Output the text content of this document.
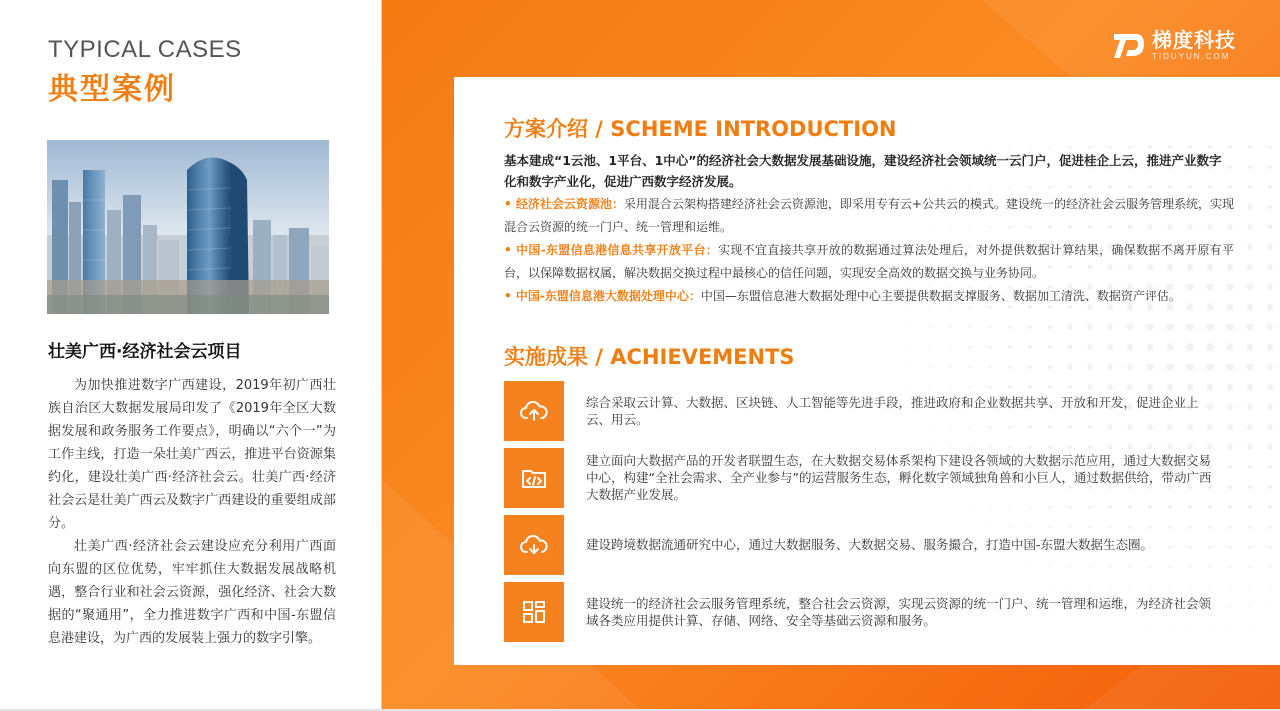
TYPICAL CASES
典型案例
壮美广西·经济社会云项目

为加快推进数字广西建设，2019年初广西壮族自治区大数据发展局印发了《2019年全区大数据发展和政务服务工作要点》，明确以“六个一”为工作主线，打造一朵壮美广西云，推进平台资源集约化，建设壮美广西·经济社会云。壮美广西·经济社会云是壮美广西云及数字广西建设的重要组成部分。

壮美广西·经济社会云建设应充分利用广西面向东盟的区位优势，牢牢抓住大数据发展战略机遇，整合行业和社会云资源，强化经济、社会大数据的“聚通用”，全力推进数字广西和中国-东盟信息港建设，为广西的发展装上强力的数字引擎。

梯度科技
TIDUYUN.COM
方案介绍 / SCHEME INTRODUCTION
基本建成“1云池、1平台、1中心”的经济社会大数据发展基础设施，建设经济社会领域统一云门户，促进桂企上云，推进产业数字化和数字产业化，促进广西数字经济发展。
• 经济社会云资源池：采用混合云架构搭建经济社会云资源池，即采用专有云+公共云的模式。建设统一的经济社会云服务管理系统，实现混合云资源的统一门户、统一管理和运维。
• 中国-东盟信息港信息共享开放平台：实现不宜直接共享开放的数据通过算法处理后，对外提供数据计算结果，确保数据不离开原有平台，以保障数据权属，解决数据交换过程中最核心的信任问题，实现安全高效的数据交换与业务协同。
• 中国-东盟信息港大数据处理中心：中国—东盟信息港大数据处理中心主要提供数据支撑服务、数据加工清洗、数据资产评估。
实施成果 / ACHIEVEMENTS
综合采取云计算、大数据、区块链、人工智能等先进手段，推进政府和企业数据共享、开放和开发，促进企业上云、用云。
建立面向大数据产品的开发者联盟生态，在大数据交易体系架构下建设各领域的大数据示范应用，通过大数据交易中心，构建“全社会需求、全产业参与”的运营服务生态，孵化数字领域独角兽和小巨人，通过数据供给，带动广西大数据产业发展。
建设跨境数据流通研究中心，通过大数据服务、大数据交易、服务撮合，打造中国-东盟大数据生态圈。
建设统一的经济社会云服务管理系统，整合社会云资源，实现云资源的统一门户、统一管理和运维，为经济社会领域各类应用提供计算、存储、网络、安全等基础云资源和服务。
